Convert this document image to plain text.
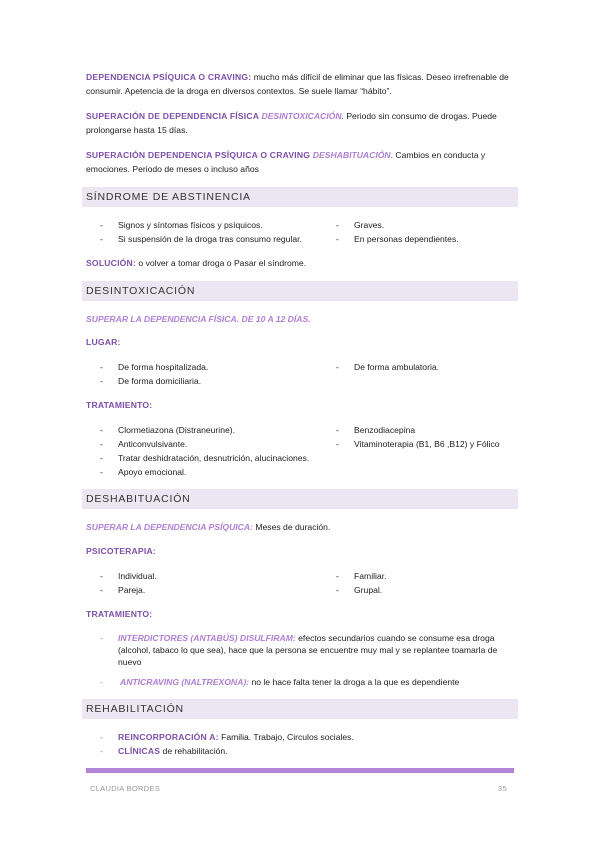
DEPENDENCIA PSÍQUICA O CRAVING: mucho más difícil de eliminar que las físicas. Deseo irrefrenable de consumir. Apetencia de la droga en diversos contextos. Se suele llamar “hábito”.
SUPERACIÓN DE DEPENDENCIA FÍSICA DESINTOXICACIÓN. Periodo sin consumo de drogas. Puede prolongarse hasta 15 días.
SUPERACIÓN DEPENDENCIA PSÍQUICA O CRAVING DESHABITUACIÓN. Cambios en conducta y emociones. Periodo de meses o incluso años
SÍNDROME DE ABSTINENCIA
- Signos y síntomas físicos y psíquicos.
- Si suspensión de la droga tras consumo regular.
- Graves.
- En personas dependientes.
SOLUCIÓN: o volver a tomar droga o Pasar el síndrome.
DESINTOXICACIÓN
SUPERAR LA DEPENDENCIA FÍSICA. DE 10 A 12 DÍAS.
LUGAR:
- De forma hospitalizada.
- De forma domiciliaria.
- De forma ambulatoria.
TRATAMIENTO:
- Clormetiazona (Distraneurine).
- Anticonvulsivante.
- Tratar deshidratación, desnutrición, alucinaciones.
- Apoyo emocional.
- Benzodiacepina
- Vitaminoterapia (B1, B6 ,B12) y Fólico
DESHABITUACIÓN
SUPERAR LA DEPENDENCIA PSÍQUICA: Meses de duración.
PSICOTERAPIA:
- Individual.
- Pareja.
- Familiar.
- Grupal.
TRATAMIENTO:
- INTERDICTORES (ANTABÚS) DISULFIRAM: efectos secundarios cuando se consume esa droga (alcohol, tabaco lo que sea), hace que la persona se encuentre muy mal y se replantee toamarla de nuevo
- ANTICRAVING (NALTREXONA): no le hace falta tener la droga a la que es dependiente
REHABILITACIÓN
- REINCORPORACIÓN A: Familia. Trabajo, Circulos sociales.
- CLÍNICAS de rehabilitación.
CLAUDIA BORDES	35
